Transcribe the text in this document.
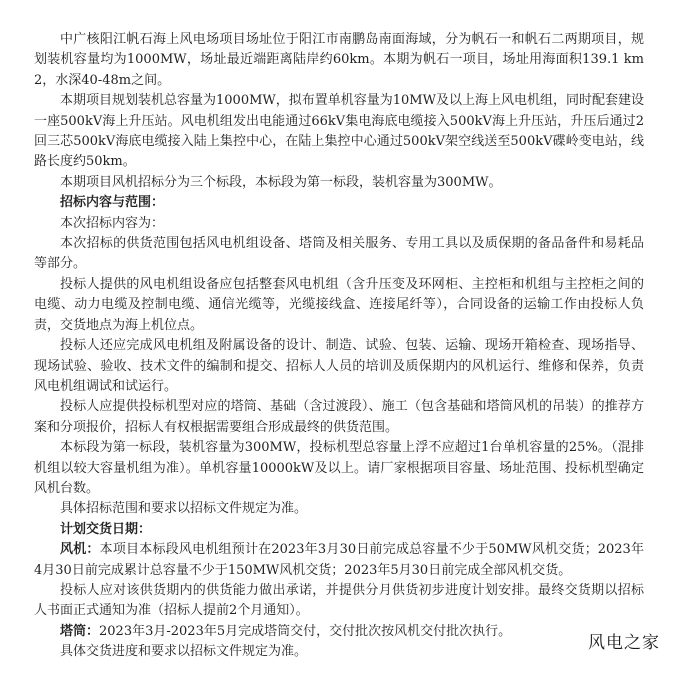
中广核阳江帆石海上风电场项目场址位于阳江市南鹏岛南面海域，分为帆石一和帆石二两期项目，规划装机容量均为1000MW，场址最近端距离陆岸约60km。本期为帆石一项目，场址用海面积139.1 km2，水深40-48m之间。

本期项目规划装机总容量为1000MW，拟布置单机容量为10MW及以上海上风电机组，同时配套建设一座500kV海上升压站。风电机组发出电能通过66kV集电海底电缆接入500kV海上升压站，升压后通过2回三芯500kV海底电缆接入陆上集控中心，在陆上集控中心通过500kV架空线送至500kV碟岭变电站，线路长度约50km。

本期项目风机招标分为三个标段，本标段为第一标段，装机容量为300MW。

招标内容与范围：

本次招标内容为：

本次招标的供货范围包括风电机组设备、塔筒及相关服务、专用工具以及质保期的备品备件和易耗品等部分。

投标人提供的风电机组设备应包括整套风电机组（含升压变及环网柜、主控柜和机组与主控柜之间的电缆、动力电缆及控制电缆、通信光缆等，光缆接线盒、连接尾纤等），合同设备的运输工作由投标人负责，交货地点为海上机位点。

投标人还应完成风电机组及附属设备的设计、制造、试验、包装、运输、现场开箱检查、现场指导、现场试验、验收、技术文件的编制和提交、招标人人员的培训及质保期内的风机运行、维修和保养，负责风电机组调试和试运行。

投标人应提供投标机型对应的塔筒、基础（含过渡段）、施工（包含基础和塔筒风机的吊装）的推荐方案和分项报价，招标人有权根据需要组合形成最终的供货范围。

本标段为第一标段，装机容量为300MW，投标机型总容量上浮不应超过1台单机容量的25%。（混排机组以较大容量机组为准）。单机容量10000kW及以上。请厂家根据项目容量、场址范围、投标机型确定风机台数。

具体招标范围和要求以招标文件规定为准。

计划交货日期：

风机：本项目本标段风电机组预计在2023年3月30日前完成总容量不少于50MW风机交货；2023年4月30日前完成累计总容量不少于150MW风机交货；2023年5月30日前完成全部风机交货。

投标人应对该供货期内的供货能力做出承诺，并提供分月供货初步进度计划安排。最终交货期以招标人书面正式通知为准（招标人提前2个月通知）。

塔筒：2023年3月-2023年5月完成塔筒交付，交付批次按风机交付批次执行。

具体交货进度和要求以招标文件规定为准。	风电之家
